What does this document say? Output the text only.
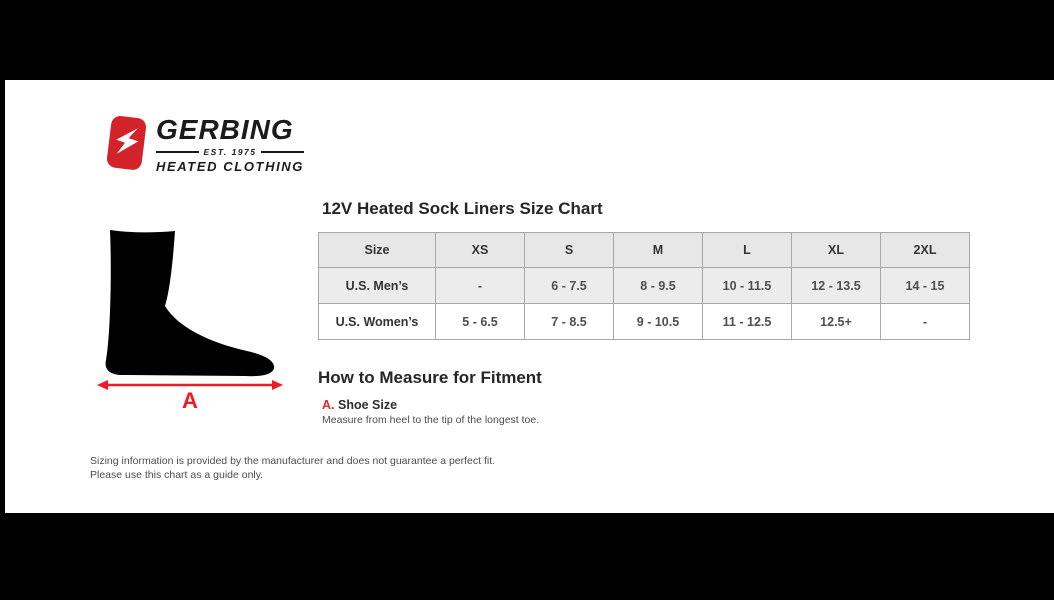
GERBING
EST. 1975
HEATED CLOTHING
A
12V Heated Sock Liners Size Chart
Size	XS	S	M	L	XL	2XL
U.S. Men’s	-	6 - 7.5	8 - 9.5	10 - 11.5	12 - 13.5	14 - 15
U.S. Women’s	5 - 6.5	7 - 8.5	9 - 10.5	11 - 12.5	12.5+	-
How to Measure for Fitment
A. Shoe Size
Measure from heel to the tip of the longest toe.
Sizing information is provided by the manufacturer and does not guarantee a perfect fit.
Please use this chart as a guide only.
